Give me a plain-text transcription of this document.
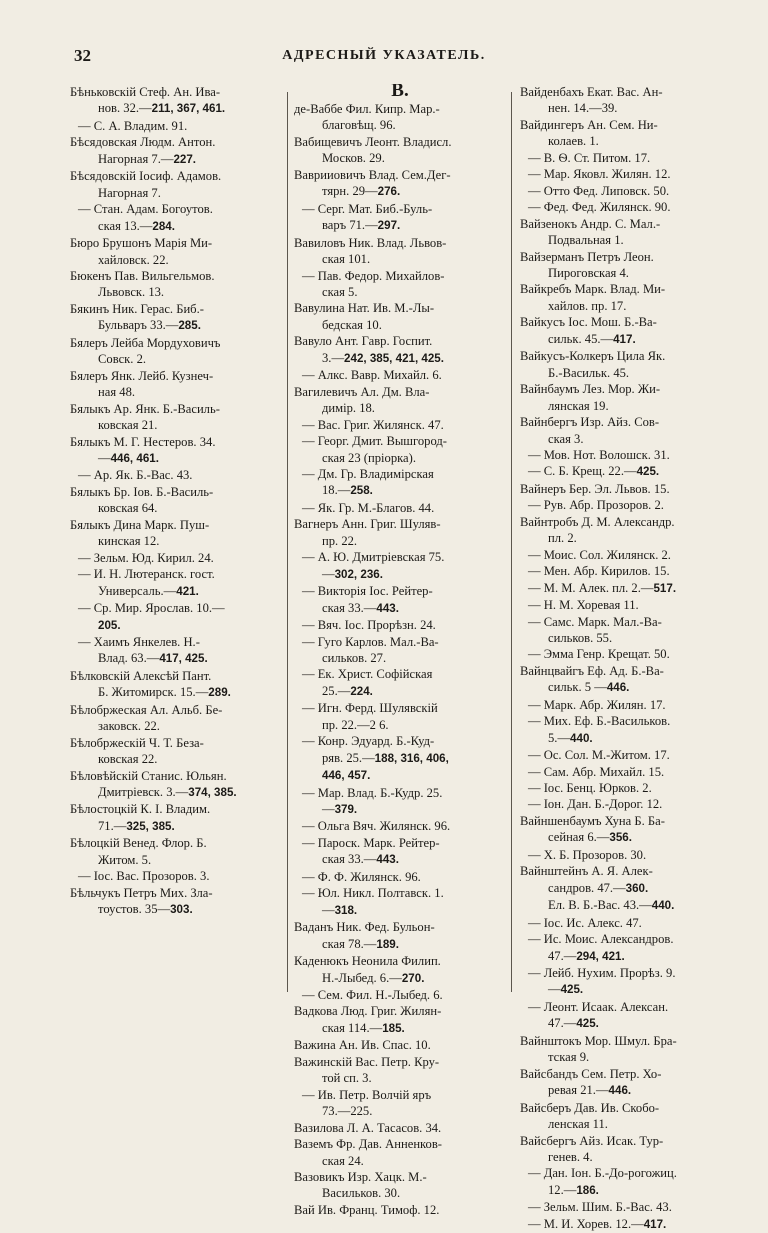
32	АДРЕСНЫЙ УКАЗАТЕЛЬ.
Бѣньковскій Стеф. Ан. Ива-
нов. 32.—211, 367, 461.
— С. А. Владим. 91.
Бѣсядовская Людм. Антон.
Нагорная 7.—227.
Бѣсядовскій Іосиф. Адамов.
Нагорная 7.
— Стан. Адам. Богоутов.
ская 13.—284.
Бюро Брушонъ Марія Ми-
хайловск. 22.
Бюкенъ Пав. Вильгельмов.
Львовск. 13.
Бякинъ Ник. Герас. Биб.-
Бульваръ 33.—285.
Бялеръ Лейба Мордуховичъ
Совск. 2.
Бялеръ Янк. Лейб. Кузнеч-
ная 48.
Бялыкъ Ар. Янк. Б.-Василь-
ковская 21.
Бялыкъ М. Г. Нестеров. 34.
—446, 461.
— Ар. Як. Б.-Вас. 43.
Бялыкъ Бр. Іов. Б.-Василь-
ковская 64.
Бялыкъ Дина Марк. Пуш-
кинская 12.
— Зельм. Юд. Кирил. 24.
— И. Н. Лютеранск. гост.
Универсаль.—421.
— Ср. Мир. Ярослав. 10.—
205.
— Хаимъ Янкелев. Н.-
Влад. 63.—417, 425.
Бѣлковскій Алексѣй Пант.
Б. Житомирск. 15.—289.
Бѣлобржеская Ал. Альб. Бе-
заковск. 22.
Бѣлобржескій Ч. Т. Беза-
ковская 22.
Бѣловѣйскій Станис. Юльян.
Дмитріевск. 3.—374, 385.
Бѣлостоцкій К. І. Владим.
71.—325, 385.
Бѣлоцкій Венед. Флор. Б.
Житом. 5.
— Іос. Вас. Прозоров. 3.
Бѣльчукъ Петръ Мих. Зла-
тоустов. 35—303.
В.
де-Ваббе Фил. Кипр. Мар.-
благовѣщ. 96.
Вабищевичъ Леонт. Владисл.
Москов. 29.
Ваврииовичъ Влад. Сем.Дег-
тярн. 29—276.
— Серг. Мат. Биб.-Буль-
варъ 71.—297.
Вавиловъ Ник. Влад. Львов-
ская 101.
— Пав. Федор. Михайлов-
ская 5.
Вавулина Нат. Ив. М.-Лы-
бедская 10.
Вавуло Ант. Гавр. Госпит.
3.—242, 385, 421, 425.
— Алкс. Вавр. Михайл. 6.
Вагилевичъ Ал. Дм. Вла-
диміp. 18.
— Вас. Григ. Жилянск. 47.
— Георг. Дмит. Вышгород-
ская 23 (пріорка).
— Дм. Гр. Владимірская
18.—258.
— Як. Гр. М.-Благов. 44.
Вагнеръ Анн. Григ. Шуляв-
пр. 22.
— А. Ю. Дмитріевская 75.
—302, 236.
— Викторія Іос. Рейтер-
ская 33.—443.
— Вяч. Іос. Прорѣзн. 24.
— Гуго Карлов. Мал.-Ва-
сильков. 27.
— Ек. Христ. Софійская
25.—224.
— Игн. Ферд. Шулявскій
пр. 22.—2 6.
— Конр. Эдуард. Б.-Куд-
ряв. 25.—188, 316, 406,
446, 457.
— Мар. Влад. Б.-Кудр. 25.
—379.
— Ольга Вяч. Жилянск. 96.
— Пароск. Марк. Рейтер-
ская 33.—443.
— Ф. Ф. Жилянск. 96.
— Юл. Никл. Полтавск. 1.
—318.
Ваданъ Ник. Фед. Бульон-
ская 78.—189.
Каденюкъ Неонила Филип.
Н.-Лыбед. 6.—270.
— Сем. Фил. Н.-Лыбед. 6.
Вадкова Люд. Григ. Жилян-
ская 114.—185.
Важина Ан. Ив. Спас. 10.
Важинскій Вас. Петр. Кру-
той сп. 3.
— Ив. Петр. Волчій яръ
73.—225.
Вазилова Л. А. Тасасов. 34.
Ваземъ Фр. Дав. Анненков-
ская 24.
Вазовикъ Изр. Хацк. М.-
Васильков. 30.
Вай Ив. Франц. Тимоф. 12.
Вайденбахъ Екат. Вас. Ан-
нен. 14.—39.
Вайдингеръ Ан. Сем. Ни-
колаев. 1.
— В. Ѳ. Ст. Питом. 17.
— Мар. Яковл. Жилян. 12.
— Отто Фед. Липовск. 50.
— Фед. Фед. Жилянск. 90.
Вайзенокъ Андр. С. Мал.-
Подвальная 1.
Вайзерманъ Петръ Леон.
Пироговская 4.
Вайкребъ Марк. Влад. Ми-
хайлов. пр. 17.
Вайкусъ Іос. Мош. Б.-Ва-
сильк. 45.—417.
Вайкусъ-Колкеръ Цила Як.
Б.-Васильк. 45.
Вайнбаумъ Лез. Мор. Жи-
лянская 19.
Вайнбергъ Изр. Айз. Сов-
ская 3.
— Мов. Нот. Волошск. 31.
— С. Б. Крещ. 22.—425.
Вайнеръ Бер. Эл. Львов. 15.
— Рув. Абр. Прозоров. 2.
Вайнтробъ Д. М. Александр.
пл. 2.
— Моис. Сол. Жилянск. 2.
— Мен. Абр. Кирилов. 15.
— М. М. Алек. пл. 2.—517.
— Н. М. Хоревая 11.
— Самс. Марк. Мал.-Ва-
сильков. 55.
— Эмма Генр. Крещат. 50.
Вайнцвайгъ Еф. Ад. Б.-Ва-
сильк. 5 —446.
— Марк. Абр. Жилян. 17.
— Мих. Еф. Б.-Васильков.
5.—440.
— Ос. Сол. М.-Житом. 17.
— Сам. Абр. Михайл. 15.
— Іос. Бенц. Юрков. 2.
— Іон. Дан. Б.-Дорог. 12.
Вайншенбаумъ Хуна Б. Ба-
сейная 6.—356.
— Х. Б. Прозоров. 30.
Вайнштейнъ А. Я. Алек-
сандров. 47.—360.
Ел. В. Б.-Вас. 43.—440.
— Іос. Ис. Алекс. 47.
— Ис. Моис. Александров.
47.—294, 421.
— Лейб. Нухим. Прорѣз. 9.
—425.
— Леонт. Исаак. Алексан.
47.—425.
Вайнштокъ Мор. Шмул. Бра-
тская 9.
Вайсбандъ Сем. Петр. Хо-
ревая 21.—446.
Вайсберъ Дав. Ив. Скобо-
ленская 11.
Вайсбергъ Айз. Исак. Тур-
генев. 4.
— Дан. Іон. Б.-До-рогожиц.
12.—186.
— Зельм. Шим. Б.-Вас. 43.
— М. И. Хорев. 12.—417.
